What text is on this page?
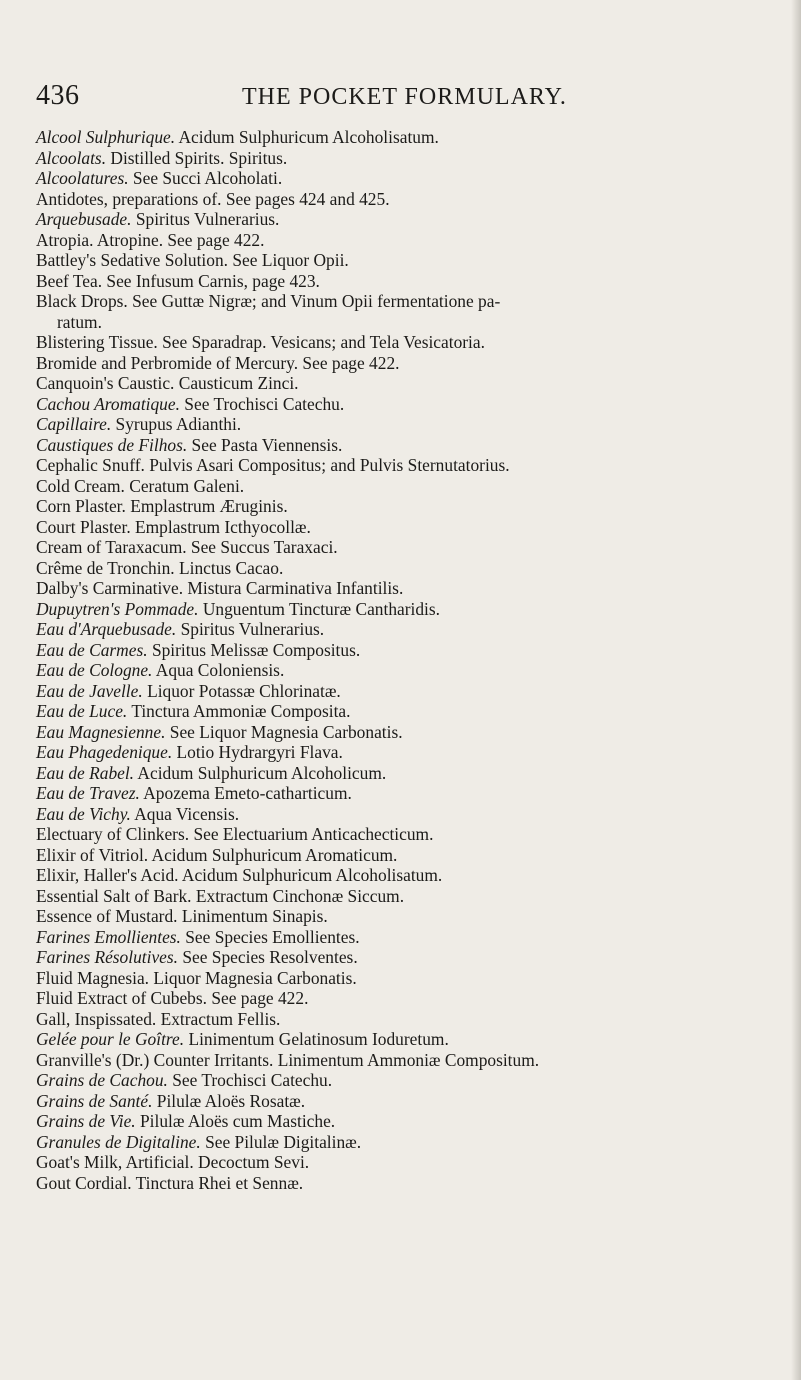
436	THE POCKET FORMULARY.
Alcool Sulphurique. Acidum Sulphuricum Alcoholisatum.
Alcoolats. Distilled Spirits. Spiritus.
Alcoolatures. See Succi Alcoholati.
Antidotes, preparations of. See pages 424 and 425.
Arquebusade. Spiritus Vulnerarius.
Atropia. Atropine. See page 422.
Battley's Sedative Solution. See Liquor Opii.
Beef Tea. See Infusum Carnis, page 423.
Black Drops. See Guttæ Nigræ; and Vinum Opii fermentatione pa-
ratum.
Blistering Tissue. See Sparadrap. Vesicans; and Tela Vesicatoria.
Bromide and Perbromide of Mercury. See page 422.
Canquoin's Caustic. Causticum Zinci.
Cachou Aromatique. See Trochisci Catechu.
Capillaire. Syrupus Adianthi.
Caustiques de Filhos. See Pasta Viennensis.
Cephalic Snuff. Pulvis Asari Compositus; and Pulvis Sternutatorius.
Cold Cream. Ceratum Galeni.
Corn Plaster. Emplastrum Æruginis.
Court Plaster. Emplastrum Icthyocollæ.
Cream of Taraxacum. See Succus Taraxaci.
Crême de Tronchin. Linctus Cacao.
Dalby's Carminative. Mistura Carminativa Infantilis.
Dupuytren's Pommade. Unguentum Tincturæ Cantharidis.
Eau d'Arquebusade. Spiritus Vulnerarius.
Eau de Carmes. Spiritus Melissæ Compositus.
Eau de Cologne. Aqua Coloniensis.
Eau de Javelle. Liquor Potassæ Chlorinatæ.
Eau de Luce. Tinctura Ammoniæ Composita.
Eau Magnesienne. See Liquor Magnesia Carbonatis.
Eau Phagedenique. Lotio Hydrargyri Flava.
Eau de Rabel. Acidum Sulphuricum Alcoholicum.
Eau de Travez. Apozema Emeto-catharticum.
Eau de Vichy. Aqua Vicensis.
Electuary of Clinkers. See Electuarium Anticachecticum.
Elixir of Vitriol. Acidum Sulphuricum Aromaticum.
Elixir, Haller's Acid. Acidum Sulphuricum Alcoholisatum.
Essential Salt of Bark. Extractum Cinchonæ Siccum.
Essence of Mustard. Linimentum Sinapis.
Farines Emollientes. See Species Emollientes.
Farines Résolutives. See Species Resolventes.
Fluid Magnesia. Liquor Magnesia Carbonatis.
Fluid Extract of Cubebs. See page 422.
Gall, Inspissated. Extractum Fellis.
Gelée pour le Goître. Linimentum Gelatinosum Ioduretum.
Granville's (Dr.) Counter Irritants. Linimentum Ammoniæ Compositum.
Grains de Cachou. See Trochisci Catechu.
Grains de Santé. Pilulæ Aloës Rosatæ.
Grains de Vie. Pilulæ Aloës cum Mastiche.
Granules de Digitaline. See Pilulæ Digitalinæ.
Goat's Milk, Artificial. Decoctum Sevi.
Gout Cordial. Tinctura Rhei et Sennæ.
